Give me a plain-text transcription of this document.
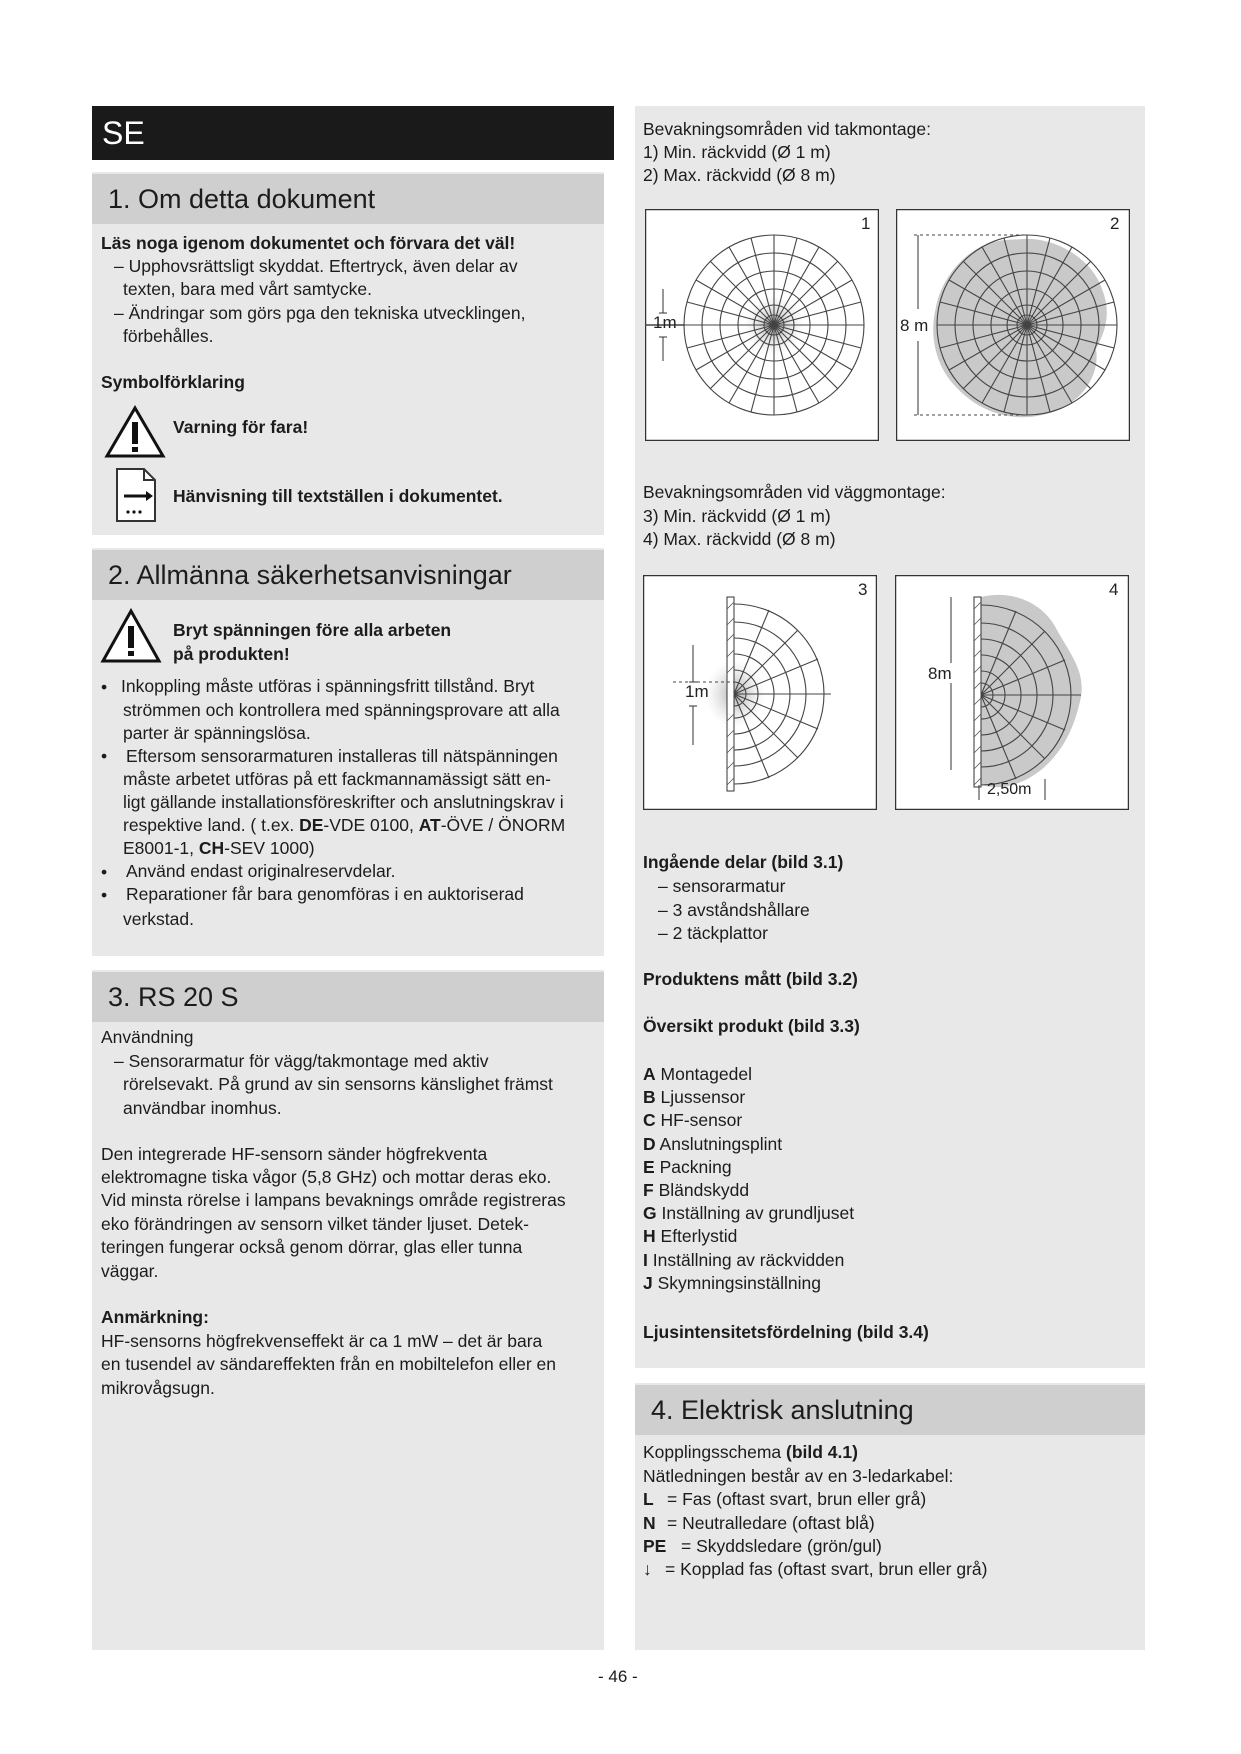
SE
1. Om detta dokument
Läs noga igenom dokumentet och förvara det väl!
– Upphovsrättsligt skyddat. Eftertryck, även delar av
texten, bara med vårt samtycke.
– Ändringar som görs pga den tekniska utvecklingen,
förbehålles.
Symbolförklaring
Varning för fara!
Hänvisning till textställen i dokumentet.
2. Allmänna säkerhetsanvisningar
Bryt spänningen före alla arbeten
på produkten!
• Inkoppling måste utföras i spänningsfritt tillstånd. Bryt
strömmen och kontrollera med spänningsprovare att alla
parter är spänningslösa.
• Eftersom sensorarmaturen installeras till nätspänningen
måste arbetet utföras på ett fackmannamässigt sätt en-
ligt gällande installationsföreskrifter och anslutningskrav i
respektive land. ( t.ex. DE-VDE 0100, AT-ÖVE / ÖNORM
E8001-1, CH-SEV 1000)
• Använd endast originalreservdelar.
• Reparationer får bara genomföras i en auktoriserad
verkstad.
3. RS 20 S
Användning
– Sensorarmatur för vägg/takmontage med aktiv
rörelsevakt. På grund av sin sensorns känslighet främst
användbar inomhus.
Den integrerade HF-sensorn sänder högfrekventa
elektromagne tiska vågor (5,8 GHz) och mottar deras eko.
Vid minsta rörelse i lampans bevaknings område registreras
eko förändringen av sensorn vilket tänder ljuset. Detek-
teringen fungerar också genom dörrar, glas eller tunna
väggar.
Anmärkning:
HF-sensorns högfrekvenseffekt är ca 1 mW – det är bara
en tusendel av sändareffekten från en mobiltelefon eller en
mikrovågsugn.
Bevakningsområden vid takmontage:
1) Min. räckvidd (Ø 1 m)
2) Max. räckvidd (Ø 8 m)
1
1m
2
8 m
Bevakningsområden vid väggmontage:
3) Min. räckvidd (Ø 1 m)
4) Max. räckvidd (Ø 8 m)
3
1m
4
8m
2,50m
Ingående delar (bild 3.1)
– sensorarmatur
– 3 avståndshållare
– 2 täckplattor
Produktens mått (bild 3.2)
Översikt produkt (bild 3.3)
A Montagedel
B Ljussensor
C HF-sensor
D Anslutningsplint
E Packning
F Bländskydd
G Inställning av grundljuset
H Efterlystid
I Inställning av räckvidden
J Skymningsinställning
Ljusintensitetsfördelning (bild 3.4)
4. Elektrisk anslutning
Kopplingsschema (bild 4.1)
Nätledningen består av en 3-ledarkabel:
L = Fas (oftast svart, brun eller grå)
N = Neutralledare (oftast blå)
PE = Skyddsledare (grön/gul)
↓ = Kopplad fas (oftast svart, brun eller grå)
- 46 -
